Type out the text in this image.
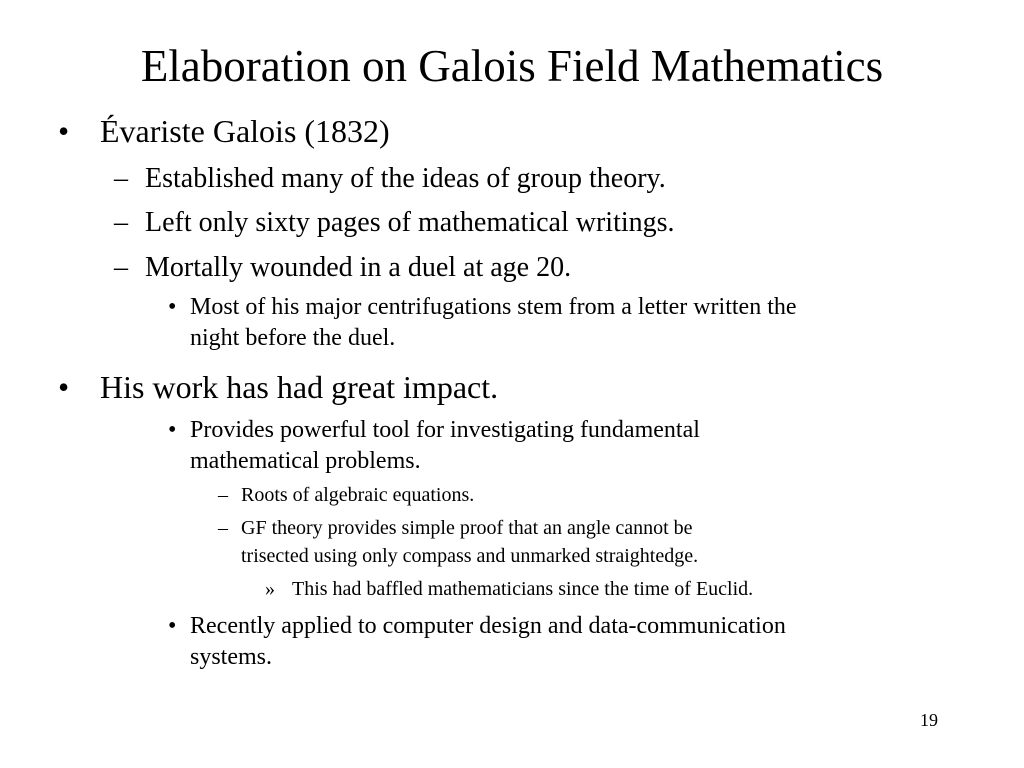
Elaboration on Galois Field Mathematics
• Évariste Galois (1832)
– Established many of the ideas of group theory.
– Left only sixty pages of mathematical writings.
– Mortally wounded in a duel at age 20.
• Most of his major centrifugations stem from a letter written the
night before the duel.
• His work has had great impact.
• Provides powerful tool for investigating fundamental
mathematical problems.
– Roots of algebraic equations.
– GF theory provides simple proof that an angle cannot be
trisected using only compass and unmarked straightedge.
» This had baffled mathematicians since the time of Euclid.
• Recently applied to computer design and data-communication
systems.
19
